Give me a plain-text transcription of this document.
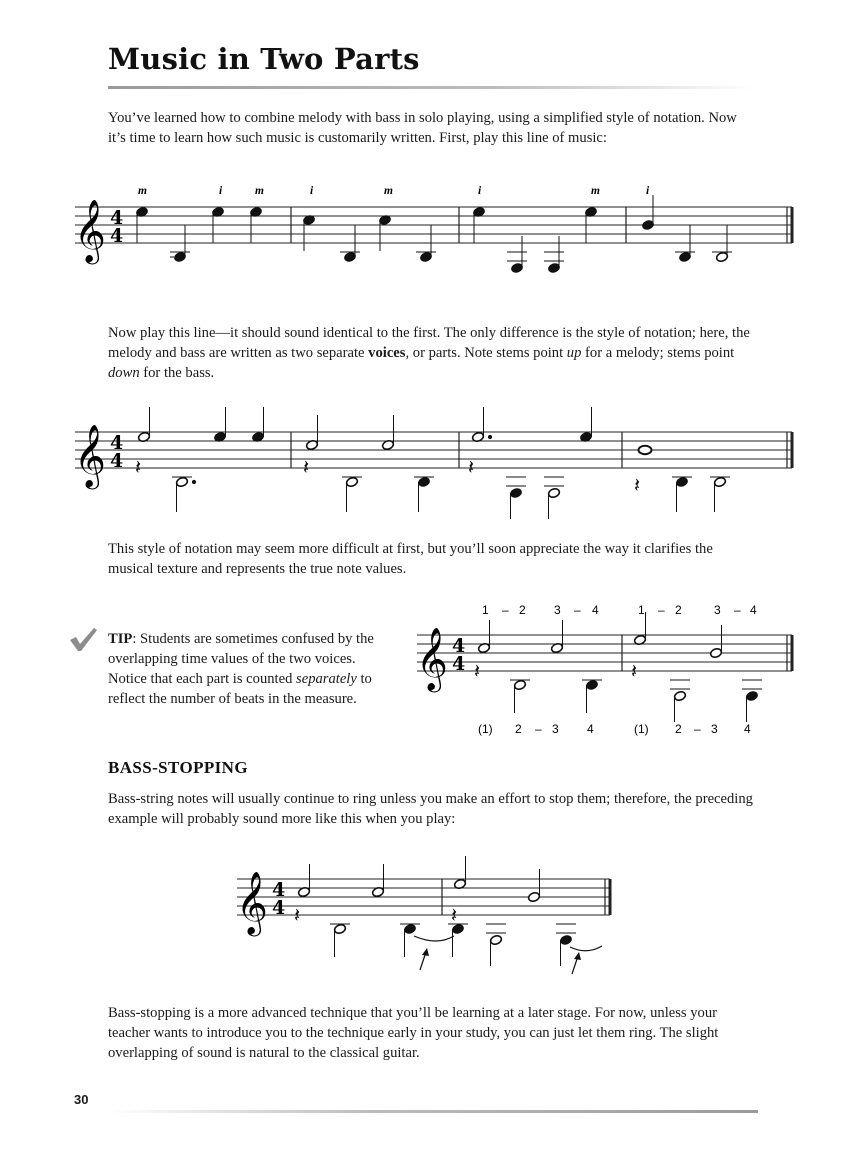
Music in Two Parts
You’ve learned how to combine melody with bass in solo playing, using a simplified style of notation. Now it’s time to learn how such music is customarily written. First, play this line of music:
m	i	m	i	m	i	m	i
𝄞 4
4
Now play this line—it should sound identical to the first. The only difference is the style of notation; here, the melody and bass are written as two separate voices, or parts. Note stems point up for a melody; stems point down for the bass.
𝄞 4
4 𝄽	𝄽	𝄽
𝄽
This style of notation may seem more difficult at first, but you’ll soon appreciate the way it clarifies the musical texture and represents the true note values.
TIP: Students are sometimes confused by the overlapping time values of the two voices. Notice that each part is counted separately to reflect the number of beats in the measure.
1 – 2 3 – 4	1 – 2	3 – 4
𝄞 4
4 𝄽	𝄽
(1) 2 – 3 4	(1) 2 – 3 4
BASS-STOPPING
Bass-string notes will usually continue to ring unless you make an effort to stop them; therefore, the preceding example will probably sound more like this when you play:
𝄞 4
4 𝄽	𝄽
Bass-stopping is a more advanced technique that you’ll be learning at a later stage. For now, unless your teacher wants to introduce you to the technique early in your study, you can just let them ring. The slight overlapping of sound is natural to the classical guitar.
30
